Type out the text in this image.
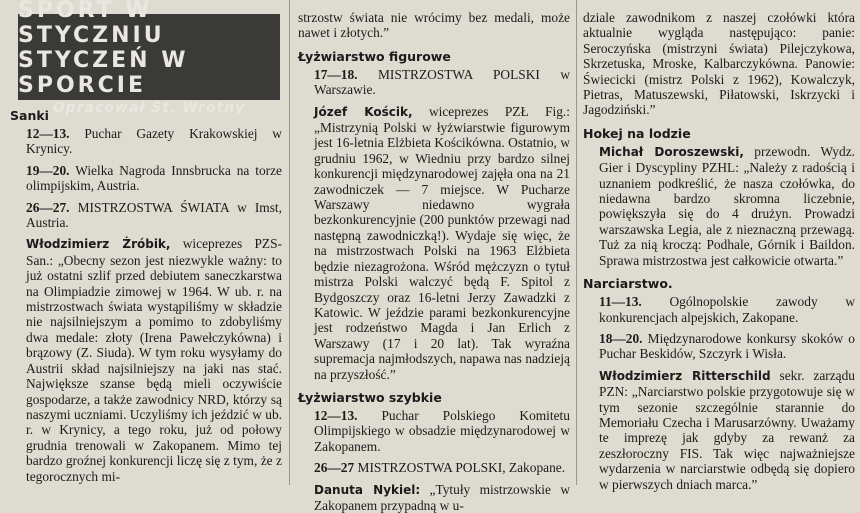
SPORT W STYCZNIU
STYCZEŃ W SPORCIE
Opracował St. Wrotny
Sanki

12—13. Puchar Gazety Krakowskiej w Krynicy.

19—20. Wielka Nagroda Innsbrucka na torze olimpijskim, Austria.

26—27. MISTRZOSTWA ŚWIATA w Imst, Austria.

Włodzimierz Żróbik, wiceprezes PZS-San.: „Obecny sezon jest niezwykle ważny: to już ostatni szlif przed debiutem saneczkarstwa na Olimpiadzie zimowej w 1964. W ub. r. na mistrzostwach świata wystąpiliśmy w składzie nie najsilniejszym a pomimo to zdobyliśmy dwa medale: złoty (Irena Pawełczykówna) i brązowy (Z. Siuda). W tym roku wysyłamy do Austrii skład najsilniejszy na jaki nas stać. Największe szanse będą mieli oczywiście gospodarze, a także zawodnicy NRD, którzy są naszymi uczniami. Uczyliśmy ich jeździć w ub. r. w Krynicy, a tego roku, już od połowy grudnia trenowali w Zakopanem. Mimo tej bardzo groźnej konkurencji liczę się z tym, że z tegorocznych mi-

strzostw świata nie wrócimy bez medali, może nawet i złotych.”

Łyżwiarstwo figurowe

17—18. MISTRZOSTWA POLSKI w Warszawie.

Józef Kościk, wiceprezes PZŁ Fig.: „Mistrzynią Polski w łyżwiarstwie figurowym jest 16-letnia Elżbieta Kościkówna. Ostatnio, w grudniu 1962, w Wiedniu przy bardzo silnej konkurencji międzynarodowej zajęła ona na 21 zawodniczek — 7 miejsce. W Pucharze Warszawy niedawno wygrała bezkonkurencyjnie (200 punktów przewagi nad następną zawodniczką!). Wydaje się więc, że na mistrzostwach Polski na 1963 Elżbieta będzie niezagrożona. Wśród mężczyzn o tytuł mistrza Polski walczyć będą F. Spitol z Bydgoszczy oraz 16-letni Jerzy Zawadzki z Katowic. W jeździe parami bezkonkurencyjne jest rodzeństwo Magda i Jan Erlich z Warszawy (17 i 20 lat). Tak wyraźna supremacja najmłodszych, napawa nas nadzieją na przyszłość.”

Łyżwiarstwo szybkie

12—13. Puchar Polskiego Komitetu Olimpijskiego w obsadzie międzynarodowej w Zakopanem.

26—27 MISTRZOSTWA POLSKI, Zakopane.

Danuta Nykiel: „Tytuły mistrzowskie w Zakopanem przypadną w u-

dziale zawodnikom z naszej czołówki która aktualnie wygląda następująco: panie: Seroczyńska (mistrzyni świata) Pilejczykowa, Skrzetuska, Mroske, Kalbarczykówna. Panowie: Świecicki (mistrz Polski z 1962), Kowalczyk, Pietras, Matuszewski, Piłatowski, Iskrzycki i Jagodziński.”

Hokej na lodzie

Michał Doroszewski, przewodn. Wydz. Gier i Dyscypliny PZHL: „Należy z radością i uznaniem podkreślić, że nasza czołówka, do niedawna bardzo skromna liczebnie, powiększyła się do 4 drużyn. Prowadzi warszawska Legia, ale z nieznaczną przewagą. Tuż za nią kroczą: Podhale, Górnik i Baildon. Sprawa mistrzostwa jest całkowicie otwarta.”

Narciarstwo.

11—13. Ogólnopolskie zawody w konkurencjach alpejskich, Zakopane.

18—20. Międzynarodowe konkursy skoków o Puchar Beskidów, Szczyrk i Wisła.

Włodzimierz Ritterschild sekr. zarządu PZN: „Narciarstwo polskie przygotowuje się w tym sezonie szczególnie starannie do Memoriału Czecha i Marusarzówny. Uważamy te imprezę jak gdyby za rewanż za zeszłoroczny FIS. Tak więc najważniejsze wydarzenia w narciarstwie odbędą się dopiero w pierwszych dniach marca.”
